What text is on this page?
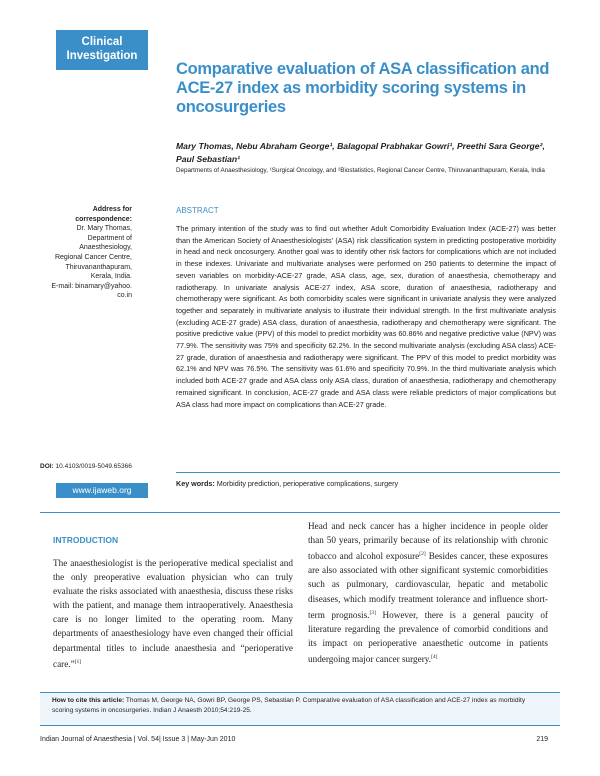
Clinical
Investigation
Comparative evaluation of ASA classification and ACE-27 index as morbidity scoring systems in oncosurgeries
Mary Thomas, Nebu Abraham George¹, Balagopal Prabhakar Gowri¹, Preethi Sara George², Paul Sebastian¹
Departments of Anaesthesiology, ¹Surgical Oncology, and ²Biostatistics, Regional Cancer Centre, Thiruvananthapuram, Kerala, India
Address for correspondence:
Dr. Mary Thomas,
Department of
Anaesthesiology,
Regional Cancer Centre,
Thiruvananthapuram,
Kerala, India.
E-mail: binamary@yahoo.
co.in
ABSTRACT

The primary intention of the study was to find out whether Adult Comorbidity Evaluation Index (ACE-27) was better than the American Society of Anaesthesiologists' (ASA) risk classification system in predicting postoperative morbidity in head and neck oncosurgery. Another goal was to identify other risk factors for complications which are not included in these indexes. Univariate and multivariate analyses were performed on 250 patients to determine the impact of seven variables on morbidity-ACE-27 grade, ASA class, age, sex, duration of anaesthesia, chemotherapy and radiotherapy. In univariate analysis ACE-27 index, ASA score, duration of anaesthesia, radiotherapy and chemotherapy were significant. As both comorbidity scales were significant in univariate analysis they were analyzed together and separately in multivariate analysis to illustrate their individual strength. In the first multivariate analysis (excluding ACE-27 grade) ASA class, duration of anaesthesia, radiotherapy and chemotherapy were significant. The positive predictive value (PPV) of this model to predict morbidity was 60.86% and negative predictive value (NPV) was 77.9%. The sensitivity was 75% and specificity 62.2%. In the second multivariate analysis (excluding ASA class) ACE-27 grade, duration of anaesthesia and radiotherapy were significant. The PPV of this model to predict morbidity was 62.1% and NPV was 76.5%. The sensitivity was 61.6% and specificity 70.9%. In the third multivariate analysis which included both ACE-27 grade and ASA class only ASA class, duration of anaesthesia, radiotherapy and chemotherapy remained significant. In conclusion, ACE-27 grade and ASA class were reliable predictors of major complications but ASA class had more impact on complications than ACE-27 grade.

DOI: 10.4103/0019-5049.65366
www.ijaweb.org
Key words: Morbidity prediction, perioperative complications, surgery
INTRODUCTION
The anaesthesiologist is the perioperative medical specialist and the only preoperative evaluation physician who can truly evaluate the risks associated with anaesthesia, discuss these risks with the patient, and manage them intraoperatively. Anaesthesia care is no longer limited to the operating room. Many departments of anaesthesiology have even changed their official departmental titles to include anaesthesia and “perioperative care.”[1]
Head and neck cancer has a higher incidence in people older than 50 years, primarily because of its relationship with chronic tobacco and alcohol exposure[2] Besides cancer, these exposures are also associated with other significant systemic comorbidities such as pulmonary, cardiovascular, hepatic and metabolic diseases, which modify treatment tolerance and influence short-term prognosis.[3] However, there is a general paucity of literature regarding the prevalence of comorbid conditions and its impact on perioperative anaesthetic outcome in patients undergoing major cancer surgery.[4]
How to cite this article: Thomas M, George NA, Gowri BP, George PS, Sebastian P. Comparative evaluation of ASA classification and ACE-27 index as morbidity scoring systems in oncosurgeries. Indian J Anaesth 2010;54:219-25.
Indian Journal of Anaesthesia | Vol. 54| Issue 3 | May-Jun 2010	219
